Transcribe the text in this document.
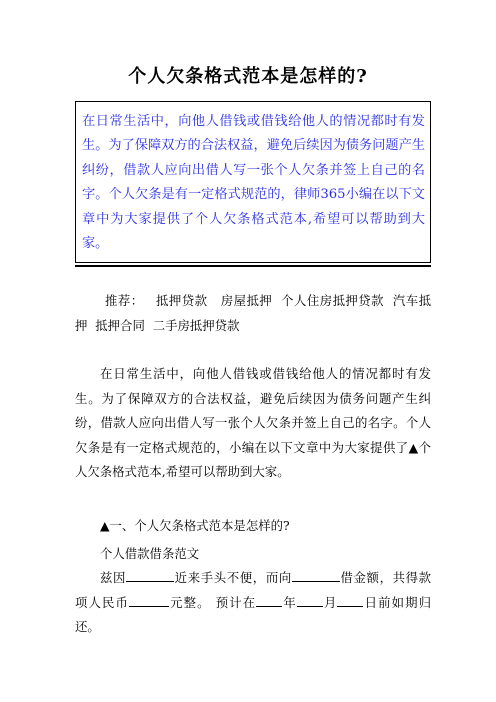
个人欠条格式范本是怎样的?
在日常生活中，向他人借钱或借钱给他人的情况都时有发生。为了保障双方的合法权益，避免后续因为债务问题产生纠纷，借款人应向出借人写一张个人欠条并签上自己的名字。个人欠条是有一定格式规范的，律师365小编在以下文章中为大家提供了个人欠条格式范本,希望可以帮助到大家。
推荐： 抵押贷款 房屋抵押 个人住房抵押贷款 汽车抵押 抵押合同 二手房抵押贷款
在日常生活中，向他人借钱或借钱给他人的情况都时有发生。为了保障双方的合法权益，避免后续因为债务问题产生纠纷，借款人应向出借人写一张个人欠条并签上自己的名字。个人欠条是有一定格式规范的，小编在以下文章中为大家提供了▲个人欠条格式范本,希望可以帮助到大家。
▲一、个人欠条格式范本是怎样的?
个人借款借条范文
兹因	近来手头不便，而向	借金额，共得款项人民币	元整。 预计在 年 月 日前如期归还。
